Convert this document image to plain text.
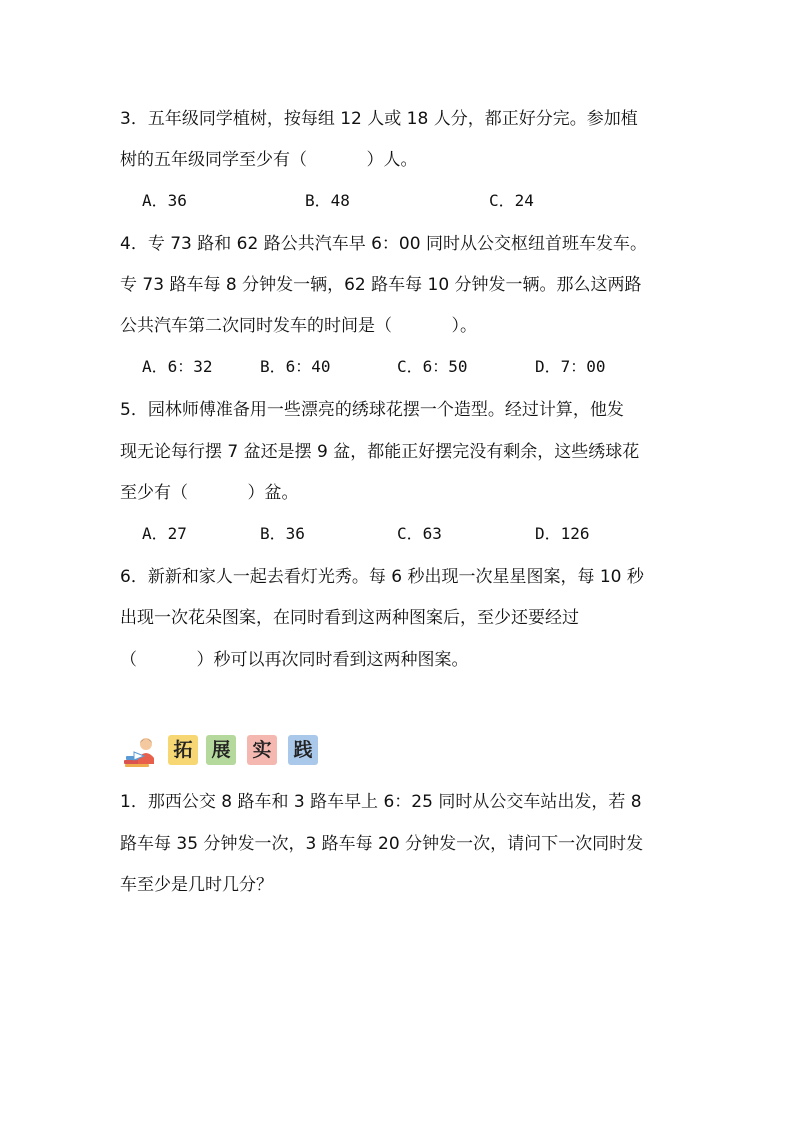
3．五年级同学植树，按每组 12 人或 18 人分，都正好分完。参加植
树的五年级同学至少有（           ）人。
A．36	B．48	C．24
4．专 73 路和 62 路公共汽车早 6：00 同时从公交枢纽首班车发车。
专 73 路车每 8 分钟发一辆，62 路车每 10 分钟发一辆。那么这两路
公共汽车第二次同时发车的时间是（           ）。
A．6：32	B．6：40	C．6：50	D．7：00
5．园林师傅准备用一些漂亮的绣球花摆一个造型。经过计算，他发
现无论每行摆 7 盆还是摆 9 盆，都能正好摆完没有剩余，这些绣球花
至少有（           ）盆。
A．27	B．36	C．63	D．126
6．新新和家人一起去看灯光秀。每 6 秒出现一次星星图案，每 10 秒
出现一次花朵图案，在同时看到这两种图案后，至少还要经过
（           ）秒可以再次同时看到这两种图案。
拓 展 实 践
1．那西公交 8 路车和 3 路车早上 6：25 同时从公交车站出发，若 8
路车每 35 分钟发一次，3 路车每 20 分钟发一次，请问下一次同时发
车至少是几时几分？
